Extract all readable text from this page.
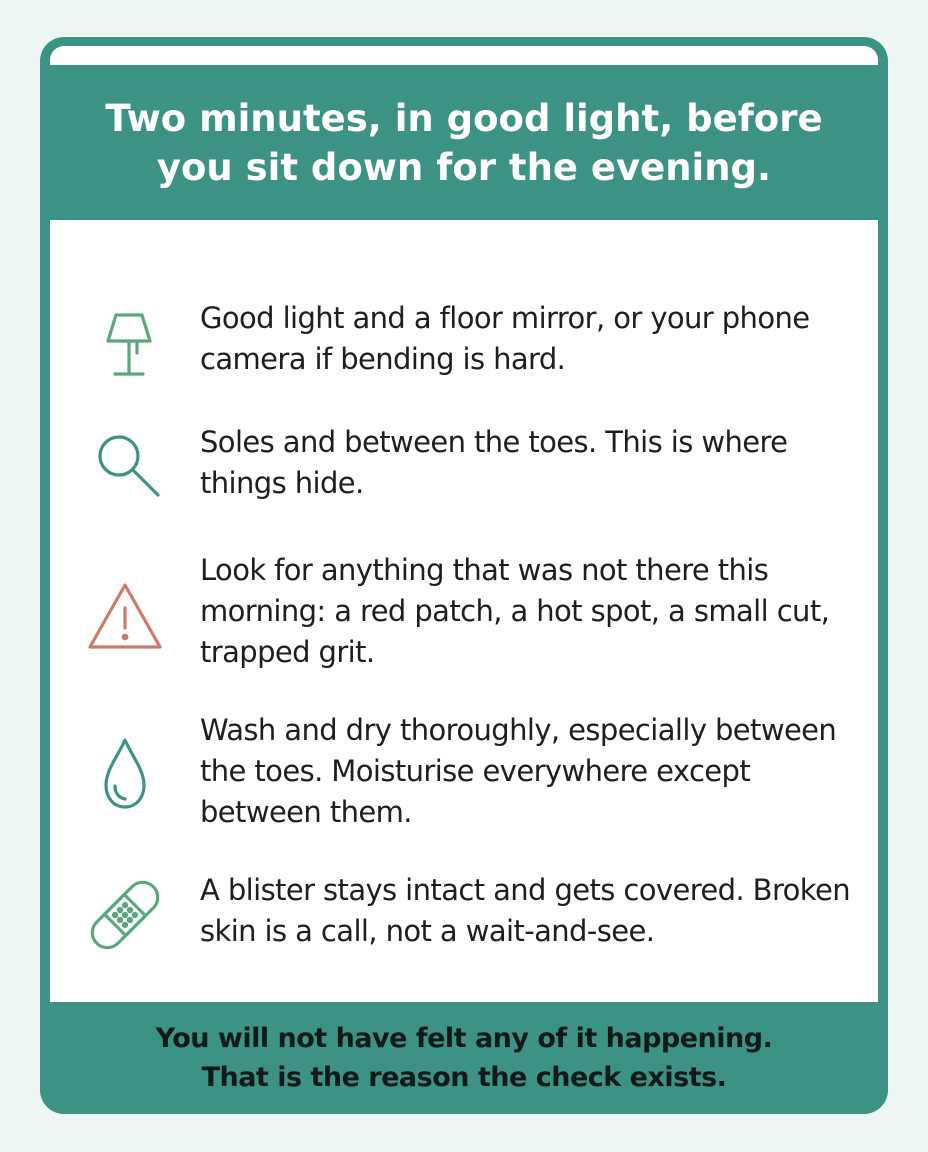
Two minutes, in good light, before you sit down for the evening.

Good light and a floor mirror, or your phone camera if bending is hard.

Soles and between the toes. This is where things hide.

Look for anything that was not there this morning: a red patch, a hot spot, a small cut, trapped grit.

Wash and dry thoroughly, especially between the toes. Moisturise everywhere except between them.

A blister stays intact and gets covered. Broken skin is a call, not a wait-and-see.

You will not have felt any of it happening.
That is the reason the check exists.
